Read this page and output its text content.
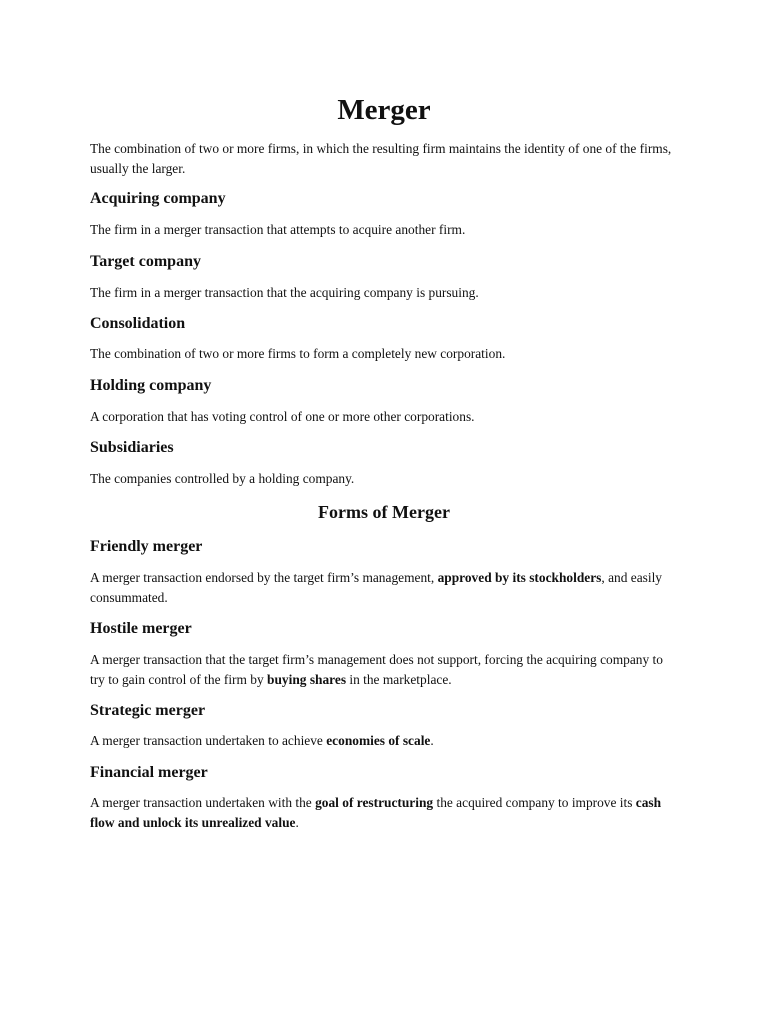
Merger
The combination of two or more firms, in which the resulting firm maintains the identity of one of the firms, usually the larger.
Acquiring company
The firm in a merger transaction that attempts to acquire another firm.
Target company
The firm in a merger transaction that the acquiring company is pursuing.
Consolidation
The combination of two or more firms to form a completely new corporation.
Holding company
A corporation that has voting control of one or more other corporations.
Subsidiaries
The companies controlled by a holding company.
Forms of Merger
Friendly merger
A merger transaction endorsed by the target firm’s management, approved by its stockholders, and easily consummated.
Hostile merger
A merger transaction that the target firm’s management does not support, forcing the acquiring company to try to gain control of the firm by buying shares in the marketplace.
Strategic merger
A merger transaction undertaken to achieve economies of scale.
Financial merger
A merger transaction undertaken with the goal of restructuring the acquired company to improve its cash flow and unlock its unrealized value.
